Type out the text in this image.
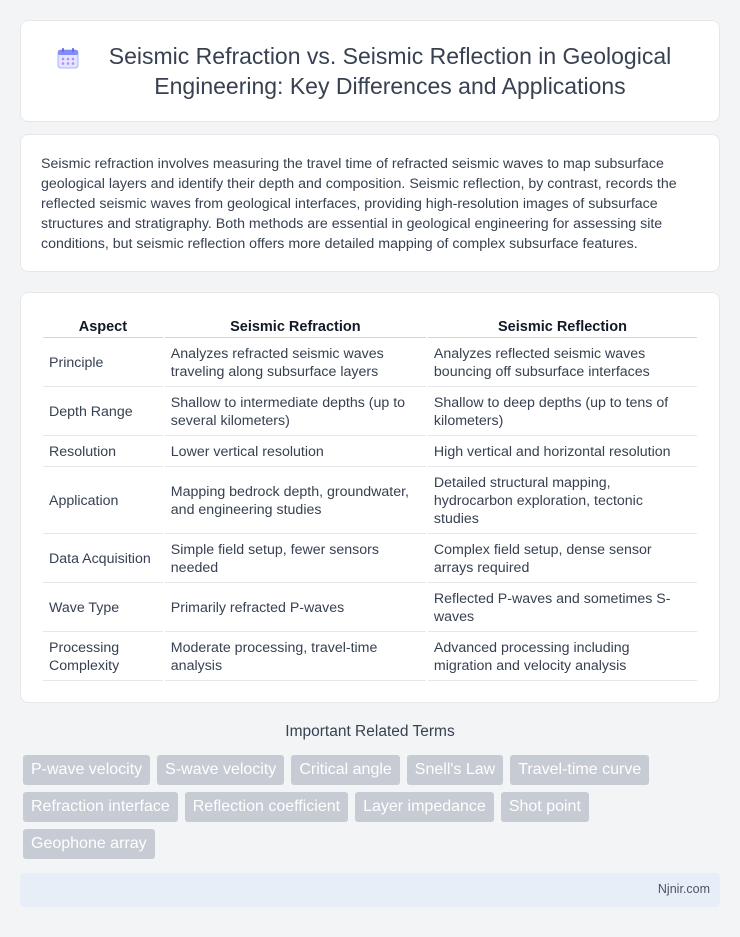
Seismic Refraction vs. Seismic Reflection in Geological Engineering: Key Differences and Applications

Seismic refraction involves measuring the travel time of refracted seismic waves to map subsurface geological layers and identify their depth and composition. Seismic reflection, by contrast, records the reflected seismic waves from geological interfaces, providing high-resolution images of subsurface structures and stratigraphy. Both methods are essential in geological engineering for assessing site conditions, but seismic reflection offers more detailed mapping of complex subsurface features.

Aspect	Seismic Refraction	Seismic Reflection
Principle	Analyzes refracted seismic waves traveling along subsurface layers	Analyzes reflected seismic waves bouncing off subsurface interfaces
Depth Range	Shallow to intermediate depths (up to several kilometers)	Shallow to deep depths (up to tens of kilometers)
Resolution	Lower vertical resolution	High vertical and horizontal resolution
Application	Mapping bedrock depth, groundwater, and engineering studies	Detailed structural mapping, hydrocarbon exploration, tectonic studies
Data Acquisition	Simple field setup, fewer sensors needed	Complex field setup, dense sensor arrays required
Wave Type	Primarily refracted P-waves	Reflected P-waves and sometimes S-waves
Processing Complexity	Moderate processing, travel-time analysis	Advanced processing including migration and velocity analysis
Important Related Terms
P-wave velocity	S-wave velocity	Critical angle	Snell's Law	Travel-time curve
Refraction interface	Reflection coefficient	Layer impedance	Shot point
Geophone array
Njnir.com
